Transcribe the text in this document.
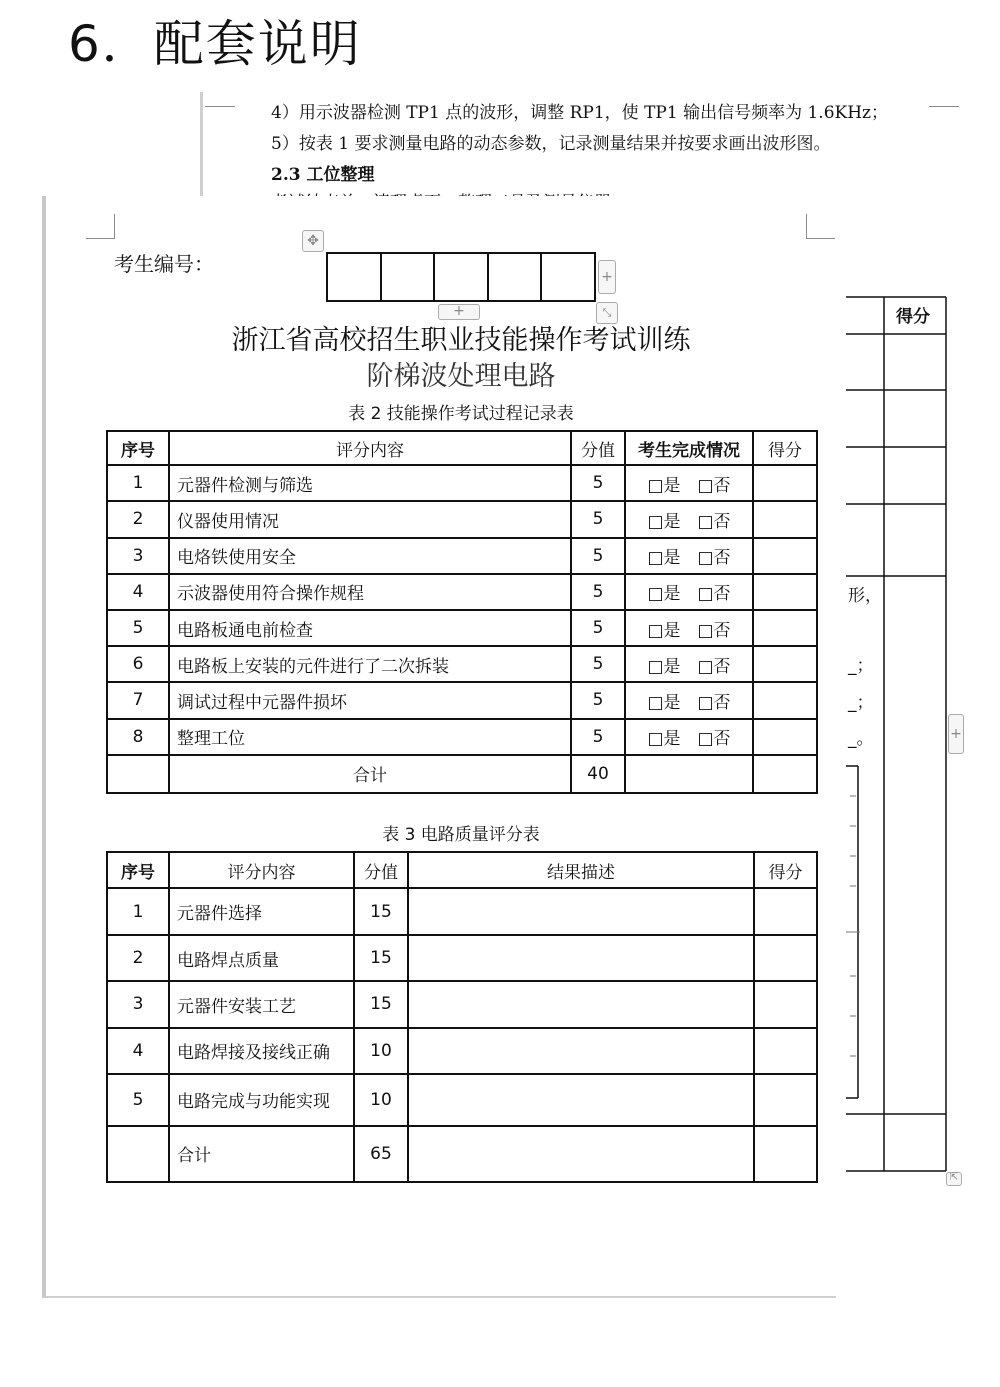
6．配套说明
4）用示波器检测 TP1 点的波形，调整 RP1，使 TP1 输出信号频率为 1.6KHz；
5）按表 1 要求测量电路的动态参数，记录测量结果并按要求画出波形图。
2.3 工位整理
得分
形，
_；
_；
_。	+
⇱
考生编号：
✥

+
+	⤡
浙江省高校招生职业技能操作考试训练
阶梯波处理电路
表 2 技能操作考试过程记录表
序号	评分内容	分值	考生完成情况	得分
1	元器件检测与筛选	5	□是　□否	
2	仪器使用情况	5	□是　□否	
3	电烙铁使用安全	5	□是　□否	
4	示波器使用符合操作规程	5	□是　□否	
5	电路板通电前检查	5	□是　□否	
6	电路板上安装的元件进行了二次拆装	5	□是　□否	
7	调试过程中元器件损坏	5	□是　□否	
8	整理工位	5	□是　□否	
	合计	40		
表 3 电路质量评分表
序号	评分内容	分值	结果描述	得分
1	元器件选择	15		
2	电路焊点质量	15		
3	元器件安装工艺	15		
4	电路焊接及接线正确	10		
5	电路完成与功能实现	10		
	合计	65		
